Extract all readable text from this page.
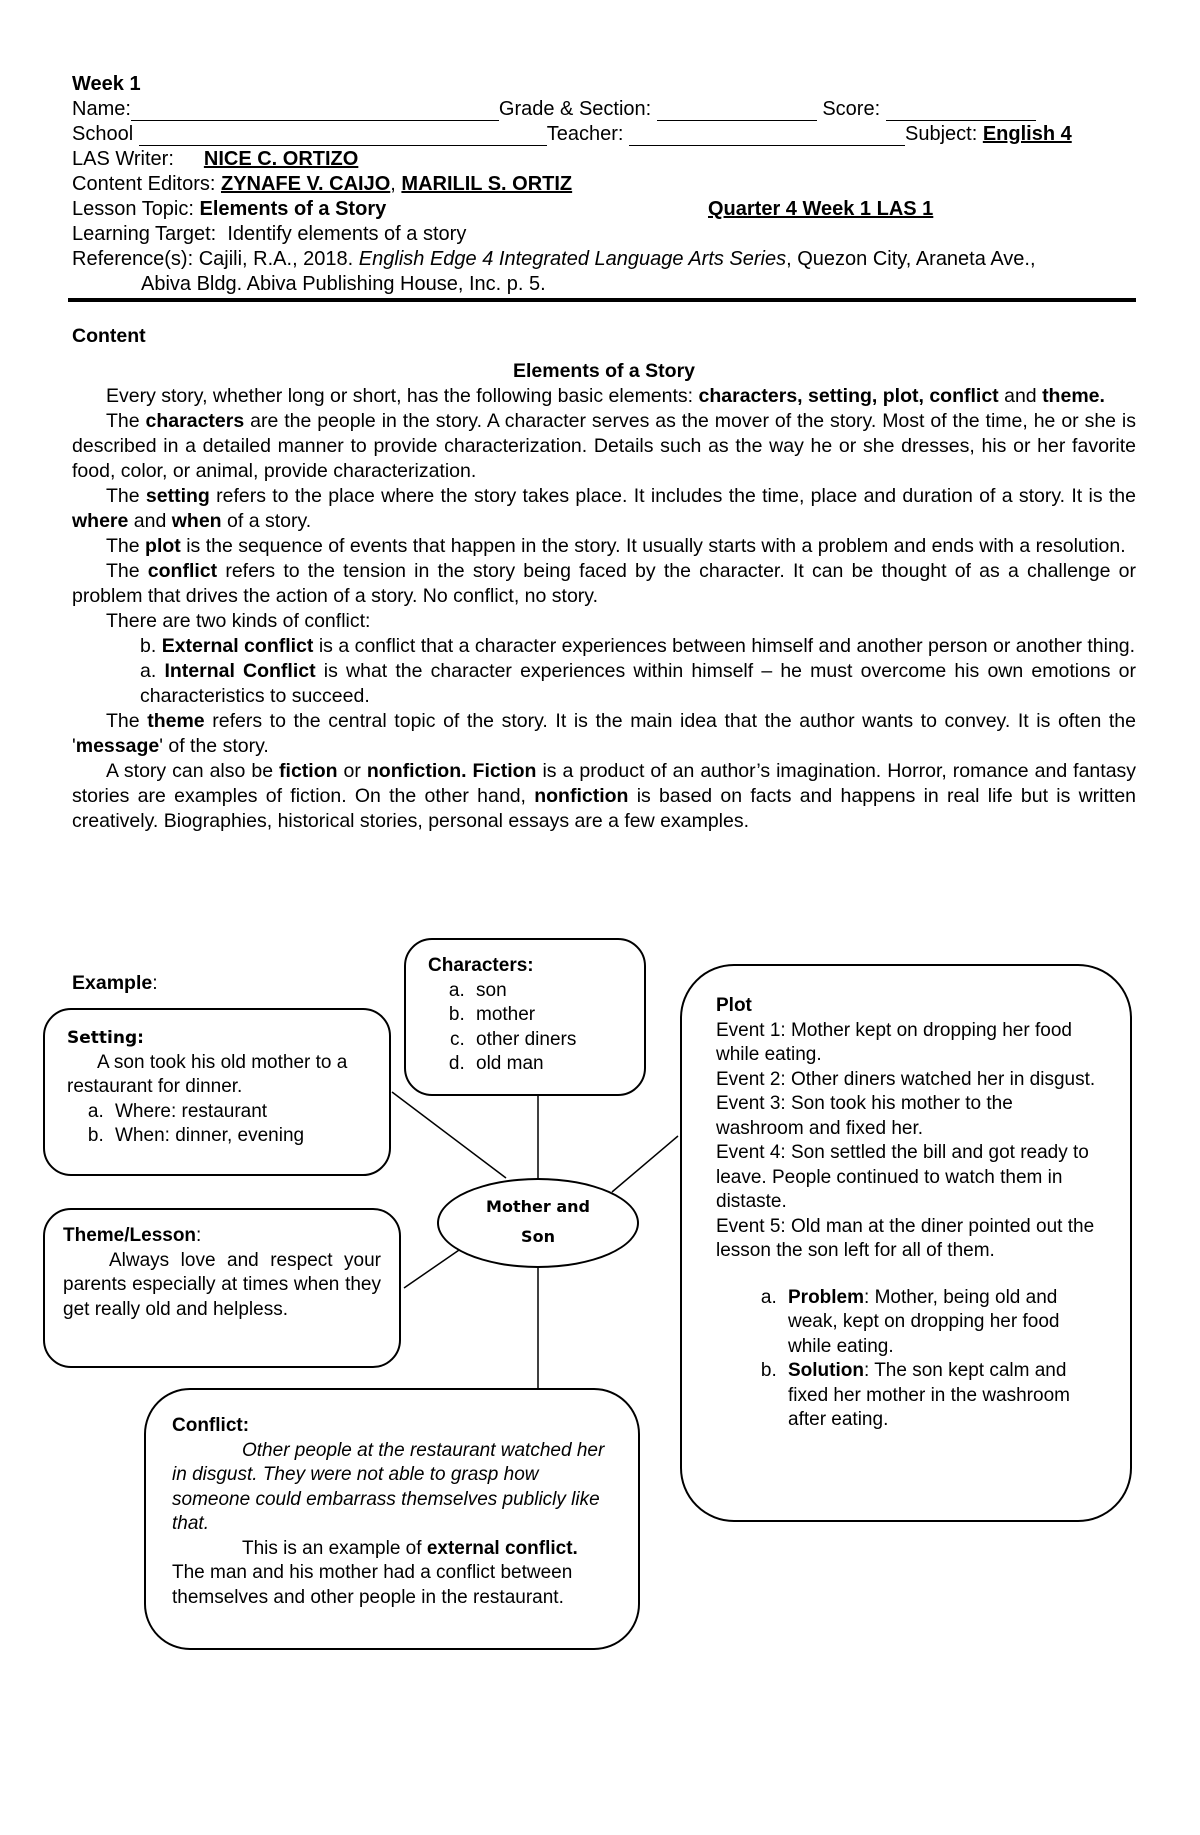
Week 1
Name:	Grade & Section:	Score:
School	Teacher:	Subject: English 4
LAS Writer: NICE C. ORTIZO
Content Editors: ZYNAFE V. CAIJO, MARILIL S. ORTIZ
Lesson Topic: Elements of a Story	Quarter 4 Week 1 LAS 1
Learning Target: Identify elements of a story
Reference(s): Cajili, R.A., 2018. English Edge 4 Integrated Language Arts Series, Quezon City, Araneta Ave.,
Abiva Bldg. Abiva Publishing House, Inc. p. 5.

Content

Elements of a Story

Every story, whether long or short, has the following basic elements: characters, setting, plot, conflict and theme.

The characters are the people in the story. A character serves as the mover of the story. Most of the time, he or she is described in a detailed manner to provide characterization. Details such as the way he or she dresses, his or her favorite food, color, or animal, provide characterization.

The setting refers to the place where the story takes place. It includes the time, place and duration of a story. It is the where and when of a story.

The plot is the sequence of events that happen in the story. It usually starts with a problem and ends with a resolution.

The conflict refers to the tension in the story being faced by the character. It can be thought of as a challenge or problem that drives the action of a story. No conflict, no story.

There are two kinds of conflict:

b. External conflict is a conflict that a character experiences between himself and another person or another thing.

a. Internal Conflict is what the character experiences within himself – he must overcome his own emotions or characteristics to succeed.

The theme refers to the central topic of the story. It is the main idea that the author wants to convey. It is often the 'message' of the story.

A story can also be fiction or nonfiction. Fiction is a product of an author’s imagination. Horror, romance and fantasy stories are examples of fiction. On the other hand, nonfiction is based on facts and happens in real life but is written creatively. Biographies, historical stories, personal essays are a few examples.

Example:
Characters:
a. son
b. mother
c. other diners
d. old man
Setting:
A son took his old mother to a restaurant for dinner.
a. Where: restaurant
b. When: dinner, evening
Theme/Lesson:
Always love and respect your parents especially at times when they get really old and helpless.
Plot
Event 1: Mother kept on dropping her food while eating.
Event 2: Other diners watched her in disgust.
Event 3: Son took his mother to the washroom and fixed her.
Event 4: Son settled the bill and got ready to leave. People continued to watch them in distaste.
Event 5: Old man at the diner pointed out the lesson the son left for all of them.
a. Problem: Mother, being old and weak, kept on dropping her food while eating.
b. Solution: The son kept calm and fixed her mother in the washroom after eating.
Conflict:
Other people at the restaurant watched her in disgust. They were not able to grasp how someone could embarrass themselves publicly like that.
This is an example of external conflict. The man and his mother had a conflict between themselves and other people in the restaurant.
Mother and
Son
